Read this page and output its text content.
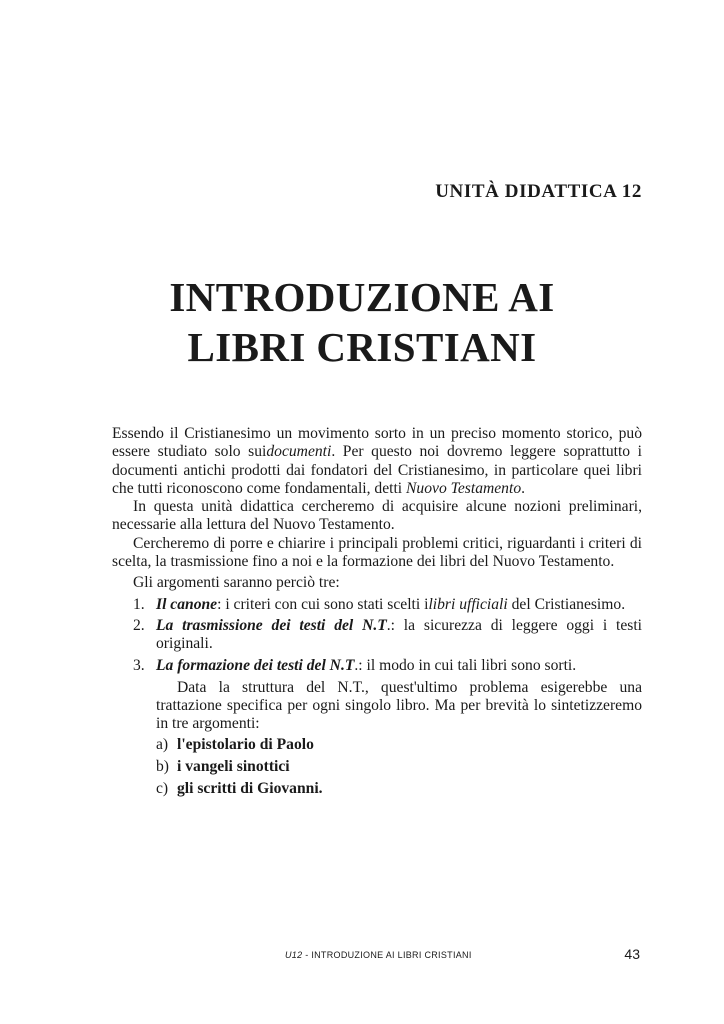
UNITÀ DIDATTICA 12
INTRODUZIONE AI
LIBRI CRISTIANI

Essendo il Cristianesimo un movimento sorto in un preciso momento storico, può essere studiato solo suidocumenti. Per questo noi dovremo leggere soprattutto i documenti antichi prodotti dai fondatori del Cristianesimo, in particolare quei libri che tutti riconoscono come fondamentali, detti Nuovo Testamento.

In questa unità didattica cercheremo di acquisire alcune nozioni preliminari, necessarie alla lettura del Nuovo Testamento.

Cercheremo di porre e chiarire i principali problemi critici, riguardanti i criteri di scelta, la trasmissione fino a noi e la formazione dei libri del Nuovo Testamento.

Gli argomenti saranno perciò tre:

1. Il canone: i criteri con cui sono stati scelti ilibri ufficiali del Cristianesimo.
2. La trasmissione dei testi del N.T.: la sicurezza di leggere oggi i testi originali.
3. La formazione dei testi del N.T.: il modo in cui tali libri sono sorti.

Data la struttura del N.T., quest'ultimo problema esigerebbe una trattazione specifica per ogni singolo libro. Ma per brevità lo sintetizzeremo in tre argomenti:

a) l'epistolario di Paolo
b) i vangeli sinottici
c) gli scritti di Giovanni.
U12 - INTRODUZIONE AI LIBRI CRISTIANI	43
